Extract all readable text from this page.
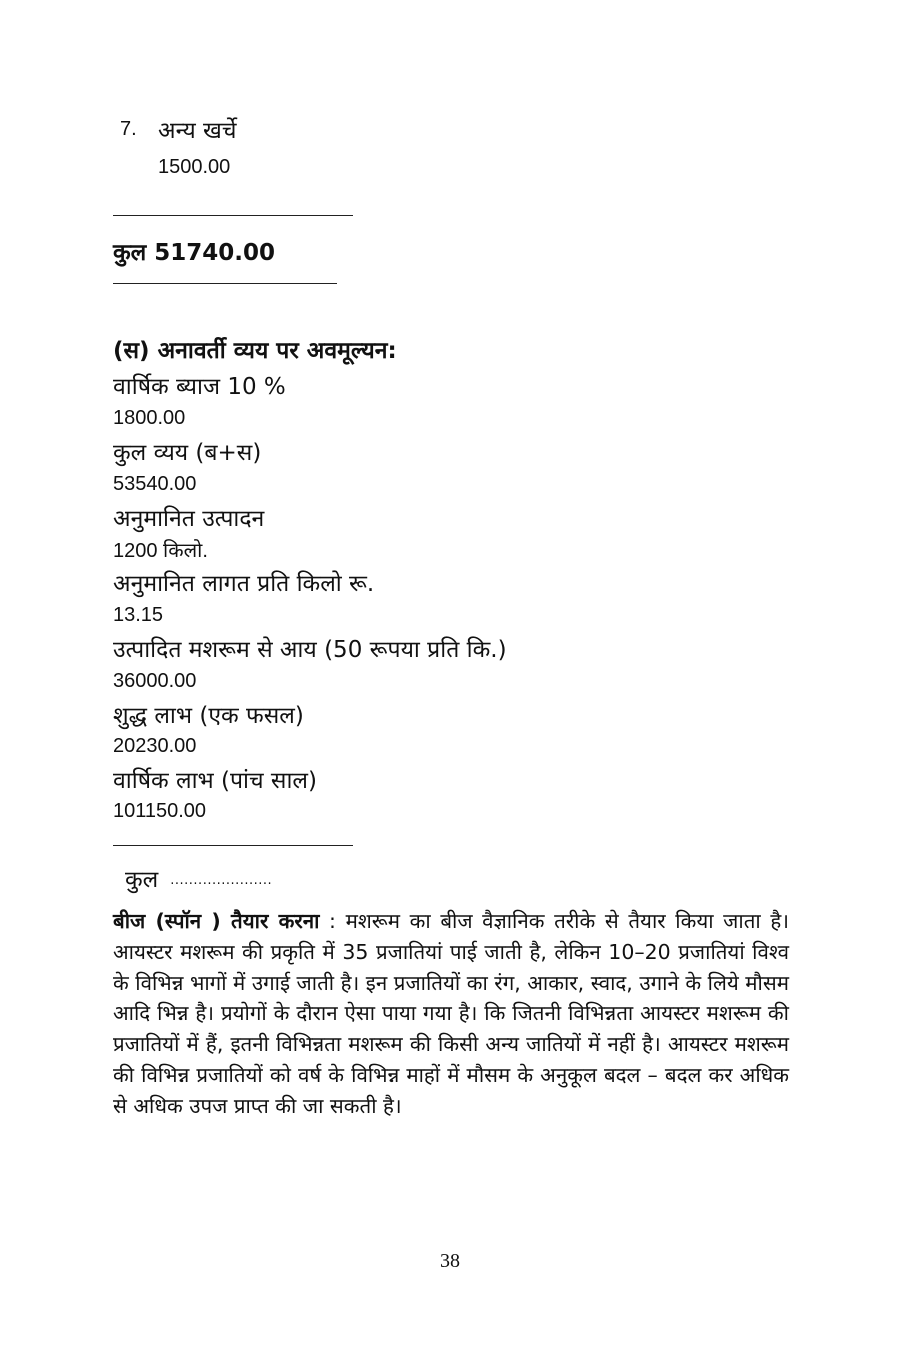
7. अन्य खर्चे
1500.00
कुल 51740.00
(स) अनावर्ती व्यय पर अवमूल्यन:
वार्षिक ब्याज 10 %
1800.00
कुल व्यय (ब+स)
53540.00
अनुमानित उत्पादन
1200 किलो.
अनुमानित लागत प्रति किलो रू.
13.15
उत्पादित मशरूम से आय (50 रूपया प्रति कि.)
36000.00
शुद्ध लाभ (एक फसल)
20230.00
वार्षिक लाभ (पांच साल)
101150.00
कुल ......................
बीज (स्पॉन ) तैयार करना : मशरूम का बीज वैज्ञानिक तरीके से तैयार किया जाता है। आयस्टर मशरूम की प्रकृति में 35 प्रजातियां पाई जाती है, लेकिन 10–20 प्रजातियां विश्व के विभिन्न भागों में उगाई जाती है। इन प्रजातियों का रंग, आकार, स्वाद, उगाने के लिये मौसम आदि भिन्न है। प्रयोगों के दौरान ऐसा पाया गया है। कि जितनी विभिन्नता आयस्टर मशरूम की प्रजातियों में हैं, इतनी विभिन्नता मशरूम की किसी अन्य जातियों में नहीं है। आयस्टर मशरूम की विभिन्न प्रजातियों को वर्ष के विभिन्न माहों में मौसम के अनुकूल बदल – बदल कर अधिक से अधिक उपज प्राप्त की जा सकती है।
38
